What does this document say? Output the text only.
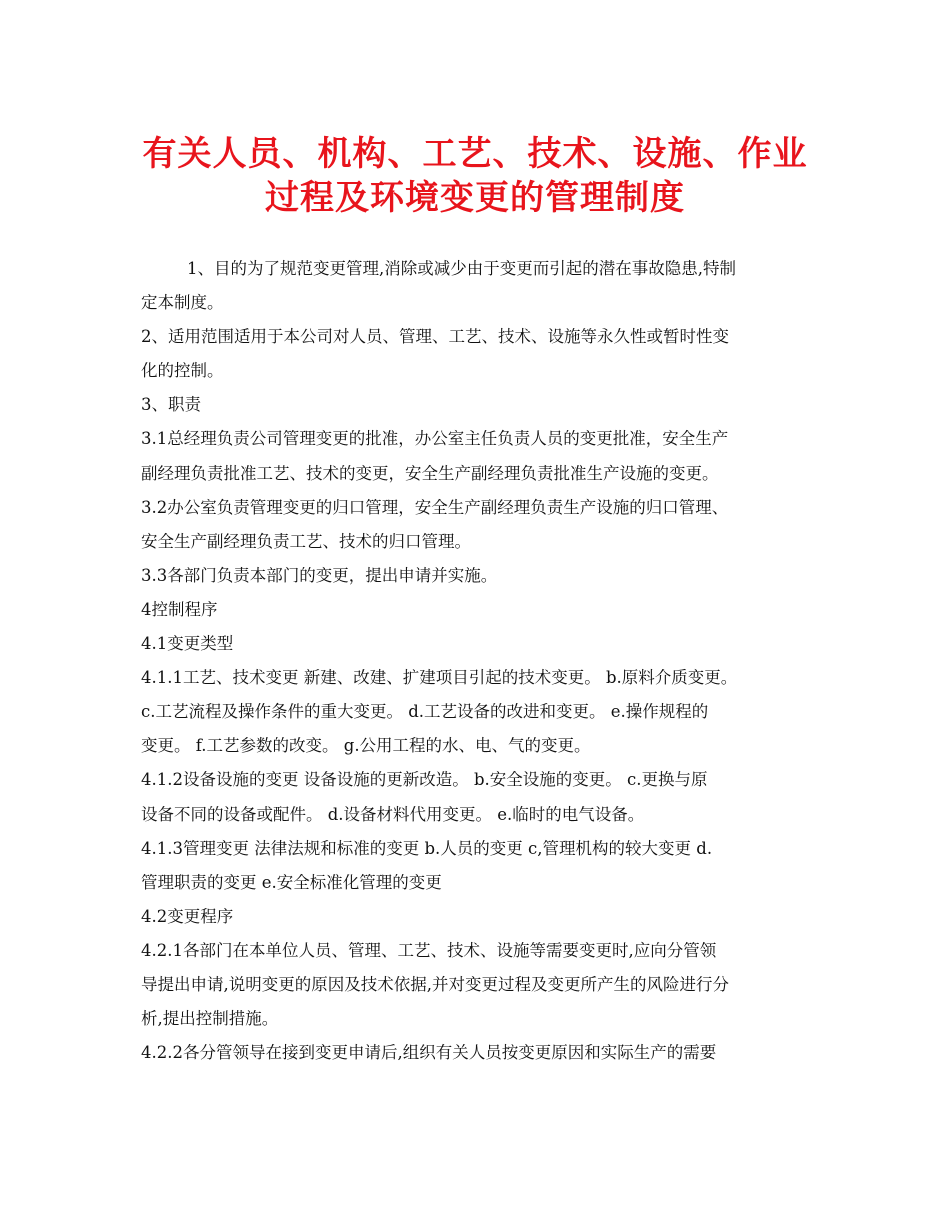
有关人员、机构、工艺、技术、设施、作业
过程及环境变更的管理制度
1、目的为了规范变更管理,消除或减少由于变更而引起的潜在事故隐患,特制
定本制度。
2、适用范围适用于本公司对人员、管理、工艺、技术、设施等永久性或暂时性变
化的控制。
3、职责
3.1总经理负责公司管理变更的批准，办公室主任负责人员的变更批准，安全生产
副经理负责批准工艺、技术的变更，安全生产副经理负责批准生产设施的变更。
3.2办公室负责管理变更的归口管理，安全生产副经理负责生产设施的归口管理、
安全生产副经理负责工艺、技术的归口管理。
3.3各部门负责本部门的变更，提出申请并实施。
4控制程序
4.1变更类型
4.1.1工艺、技术变更 新建、改建、扩建项目引起的技术变更。 b.原料介质变更。
c.工艺流程及操作条件的重大变更。 d.工艺设备的改进和变更。 e.操作规程的
变更。 f.工艺参数的改变。 g.公用工程的水、电、气的变更。
4.1.2设备设施的变更 设备设施的更新改造。 b.安全设施的变更。 c.更换与原
设备不同的设备或配件。 d.设备材料代用变更。 e.临时的电气设备。
4.1.3管理变更 法律法规和标准的变更 b.人员的变更 c,管理机构的较大变更 d.
管理职责的变更 e.安全标准化管理的变更
4.2变更程序
4.2.1各部门在本单位人员、管理、工艺、技术、设施等需要变更时,应向分管领
导提出申请,说明变更的原因及技术依据,并对变更过程及变更所产生的风险进行分
析,提出控制措施。
4.2.2各分管领导在接到变更申请后,组织有关人员按变更原因和实际生产的需要
